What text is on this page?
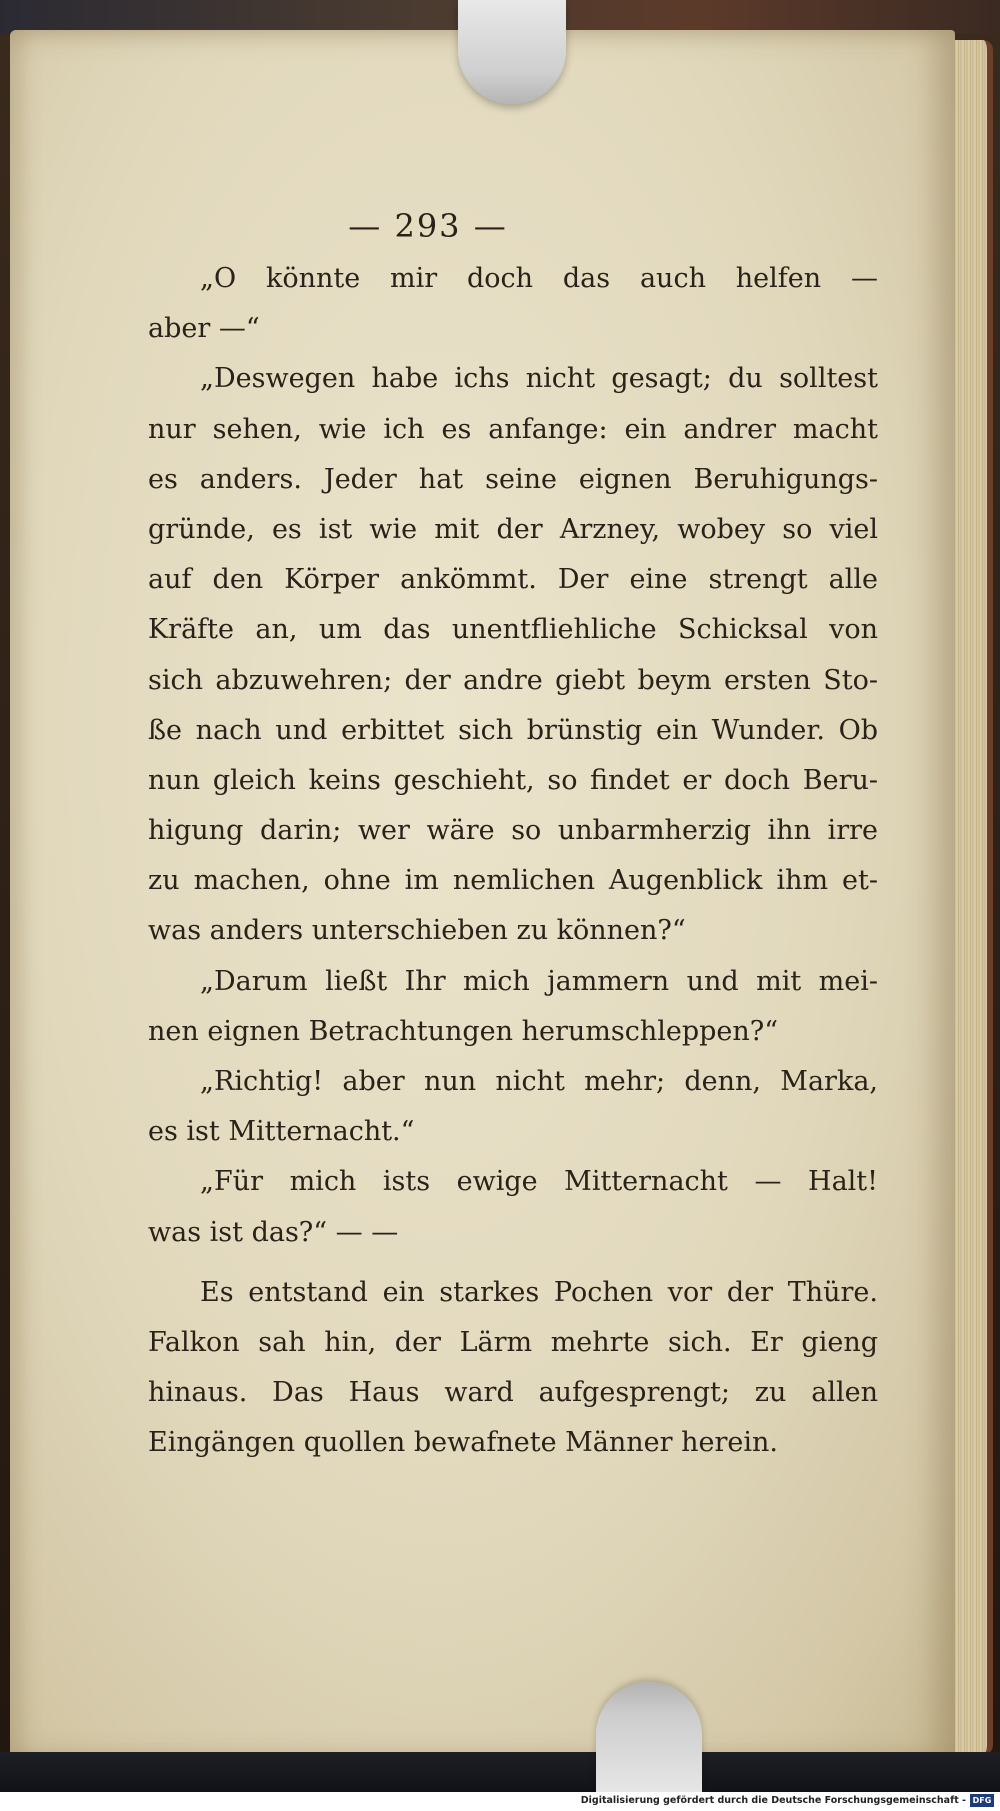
— 293 —
„O könnte mir doch das auch helfen —
aber —“
„Deswegen habe ichs nicht gesagt; du solltest
nur sehen, wie ich es anfange: ein andrer macht
es anders. Jeder hat seine eignen Beruhigungs-
gründe, es ist wie mit der Arzney, wobey so viel
auf den Körper ankömmt. Der eine strengt alle
Kräfte an, um das unentfliehliche Schicksal von
sich abzuwehren; der andre giebt beym ersten Sto-
ße nach und erbittet sich brünstig ein Wunder. Ob
nun gleich keins geschieht, so findet er doch Beru-
higung darin; wer wäre so unbarmherzig ihn irre
zu machen, ohne im nemlichen Augenblick ihm et-
was anders unterschieben zu können?“
„Darum ließt Ihr mich jammern und mit mei-
nen eignen Betrachtungen herumschleppen?“
„Richtig! aber nun nicht mehr; denn, Marka,
es ist Mitternacht.“
„Für mich ists ewige Mitternacht — Halt!
was ist das?“ — —
Es entstand ein starkes Pochen vor der Thüre.
Falkon sah hin, der Lärm mehrte sich. Er gieng
hinaus. Das Haus ward aufgesprengt; zu allen
Eingängen quollen bewafnete Männer herein.
Digitalisierung gefördert durch die Deutsche Forschungsgemeinschaft - DFG
